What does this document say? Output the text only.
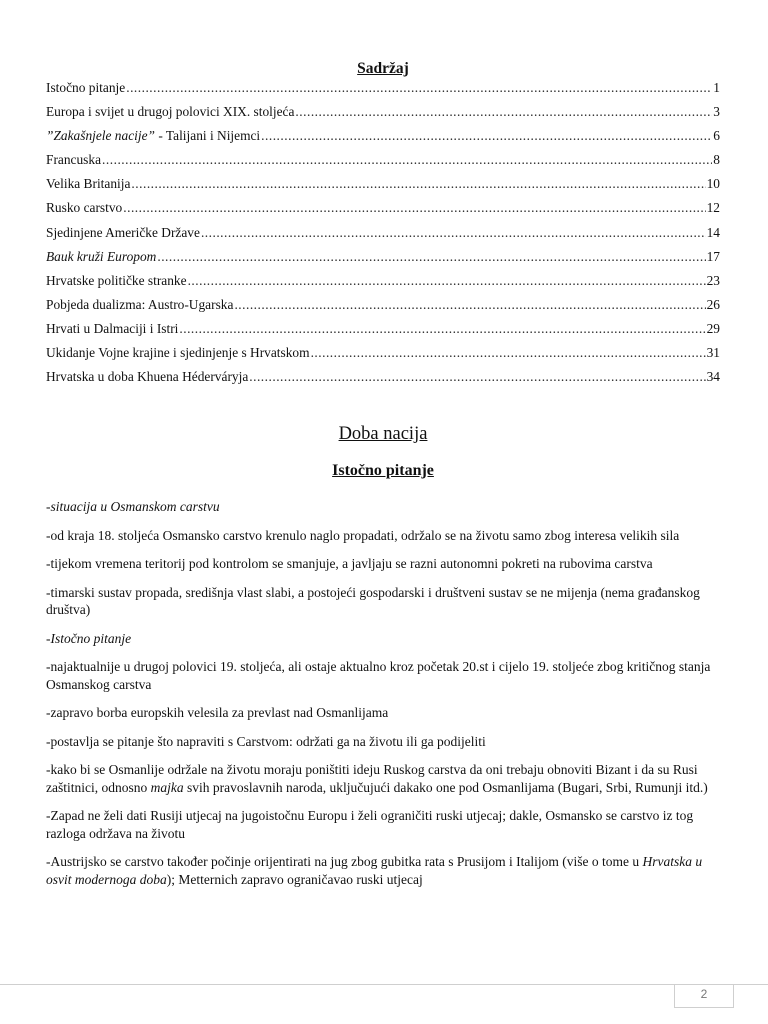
Sadržaj
Istočno pitanje .....	1
Europa i svijet u drugoj polovici XIX. stoljeća .....	3
”Zakašnjele nacije” - Talijani i Nijemci .....	6
Francuska .....	8
Velika Britanija .....	10
Rusko carstvo .....	12
Sjedinjene Američke Države .....	14
Bauk kruži Europom .....	17
Hrvatske političke stranke .....	23
Pobjeda dualizma: Austro-Ugarska .....	26
Hrvati u Dalmaciji i Istri .....	29
Ukidanje Vojne krajine i sjedinjenje s Hrvatskom .....	31
Hrvatska u doba Khuena Héderváryja .....	34
Doba nacija
Istočno pitanje

-situacija u Osmanskom carstvu

-od kraja 18. stoljeća Osmansko carstvo krenulo naglo propadati, održalo se na životu samo zbog interesa velikih sila

-tijekom vremena teritorij pod kontrolom se smanjuje, a javljaju se razni autonomni pokreti na rubovima carstva

-timarski sustav propada, središnja vlast slabi, a postojeći gospodarski i društveni sustav se ne mijenja (nema građanskog društva)

-Istočno pitanje

-najaktualnije u drugoj polovici 19. stoljeća, ali ostaje aktualno kroz početak 20.st i cijelo 19. stoljeće zbog kritičnog stanja Osmanskog carstva

-zapravo borba europskih velesila za prevlast nad Osmanlijama

-postavlja se pitanje što napraviti s Carstvom: održati ga na životu ili ga podijeliti

-kako bi se Osmanlije održale na životu moraju poništiti ideju Ruskog carstva da oni trebaju obnoviti Bizant i da su Rusi zaštitnici, odnosno majka svih pravoslavnih naroda, uključujući dakako one pod Osmanlijama (Bugari, Srbi, Rumunji itd.)

-Zapad ne želi dati Rusiji utjecaj na jugoistočnu Europu i želi ograničiti ruski utjecaj; dakle, Osmansko se carstvo iz tog razloga održava na životu

-Austrijsko se carstvo također počinje orijentirati na jug zbog gubitka rata s Prusijom i Italijom (više o tome u Hrvatska u osvit modernoga doba); Metternich zapravo ograničavao ruski utjecaj

2
